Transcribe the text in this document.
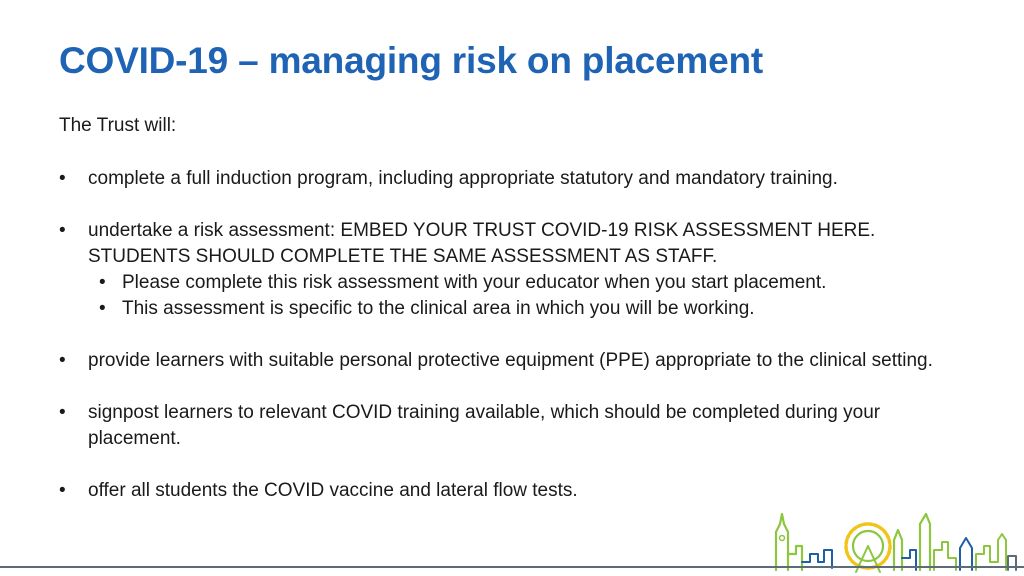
COVID-19 – managing risk on placement
The Trust will:
• complete a full induction program, including appropriate statutory and mandatory training.
• undertake a risk assessment: EMBED YOUR TRUST COVID-19 RISK ASSESSMENT HERE. STUDENTS SHOULD COMPLETE THE SAME ASSESSMENT AS STAFF.
• Please complete this risk assessment with your educator when you start placement.
• This assessment is specific to the clinical area in which you will be working.
• provide learners with suitable personal protective equipment (PPE) appropriate to the clinical setting.
• signpost learners to relevant COVID training available, which should be completed during your placement.
• offer all students the COVID vaccine and lateral flow tests.
